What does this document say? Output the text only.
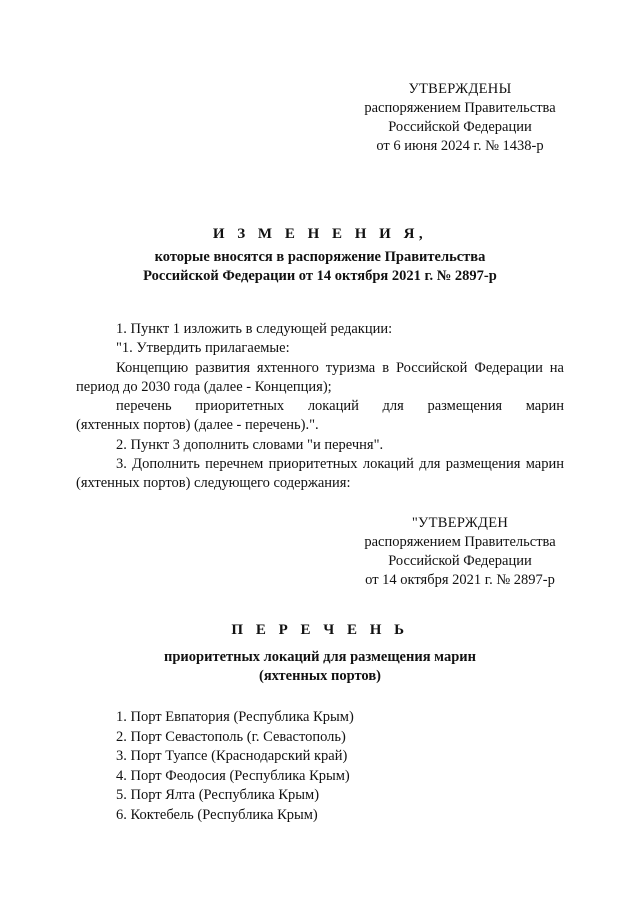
УТВЕРЖДЕНЫ
распоряжением Правительства
Российской Федерации
от 6 июня 2024 г. № 1438-р
И З М Е Н Е Н И Я,
которые вносятся в распоряжение Правительства
Российской Федерации от 14 октября 2021 г. № 2897-р

1. Пункт 1 изложить в следующей редакции:

"1. Утвердить прилагаемые:

Концепцию развития яхтенного туризма в Российской Федерации на период до 2030 года (далее - Концепция);

перечень приоритетных локаций для размещения марин

(яхтенных портов) (далее - перечень).".

2. Пункт 3 дополнить словами "и перечня".

3. Дополнить перечнем приоритетных локаций для размещения марин (яхтенных портов) следующего содержания:

"УТВЕРЖДЕН
распоряжением Правительства
Российской Федерации
от 14 октября 2021 г. № 2897-р
П Е Р Е Ч Е Н Ь
приоритетных локаций для размещения марин
(яхтенных портов)
1. Порт Евпатория (Республика Крым)
2. Порт Севастополь (г. Севастополь)
3. Порт Туапсе (Краснодарский край)
4. Порт Феодосия (Республика Крым)
5. Порт Ялта (Республика Крым)
6. Коктебель (Республика Крым)
